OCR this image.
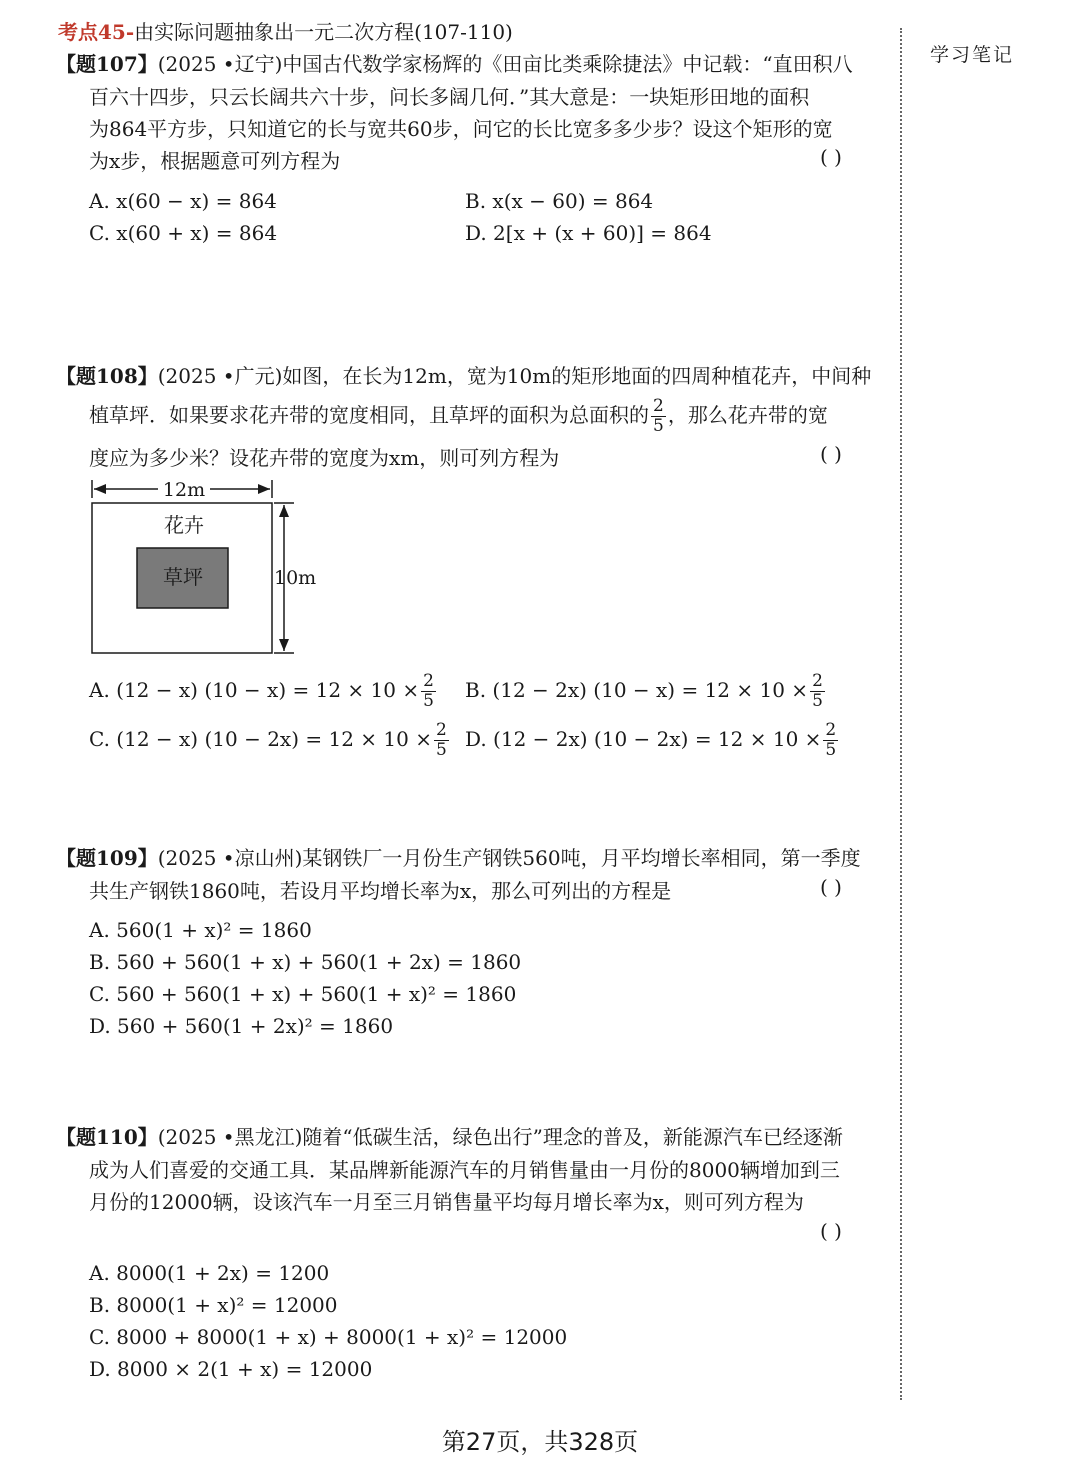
考点45-由实际问题抽象出一元二次方程(107-110)
学习笔记
【题107】(2025 •辽宁)中国古代数学家杨辉的《田亩比类乘除捷法》中记载：“直田积八
百六十四步，只云长阔共六十步，问长多阔几何．”其大意是：一块矩形田地的面积
为864平方步，只知道它的长与宽共60步，问它的长比宽多多少步？设这个矩形的宽
为x步，根据题意可列方程为	( )
A. x(60 − x) = 864	B. x(x − 60) = 864
C. x(60 + x) = 864	D. 2[x + (x + 60)] = 864
【题108】(2025 •广元)如图，在长为12m，宽为10m的矩形地面的四周种植花卉，中间种
植草坪．如果要求花卉带的宽度相同，且草坪的面积为总面积的 $\frac{2}{5}$ ，那么花卉带的宽
度应为多少米？设花卉带的宽度为xm，则可列方程为	( )
12m
花卉
草坪	10m
A. (12 − x) $(10 - x) = 12 \times 10 \times \frac{2}{5} B$. (12 − 2x) $(10 - x) = 12 \times 10 \times \frac{2}{5}$
C. (12 − x) $(10 - 2x) = 12 \times 10 \times \frac{2}{5} D$. (12 − 2x) $(10 - 2x) = 12 \times 10 \times \frac{2}{5}$
【题109】(2025 •凉山州)某钢铁厂一月份生产钢铁560吨，月平均增长率相同，第一季度
共生产钢铁1860吨，若设月平均增长率为x，那么可列出的方程是	( )
A. 560(1 + x)² = 1860
B. 560 + 560(1 + x) + 560(1 + 2x) = 1860
C. 560 + 560(1 + x) + 560(1 + x)² = 1860
D. 560 + 560(1 + 2x)² = 1860
【题110】(2025 •黑龙江)随着“低碳生活，绿色出行”理念的普及，新能源汽车已经逐渐
成为人们喜爱的交通工具．某品牌新能源汽车的月销售量由一月份的8000辆增加到三
月份的12000辆，设该汽车一月至三月销售量平均每月增长率为x，则可列方程为
( )
A. 8000(1 + 2x) = 1200
B. 8000(1 + x)² = 12000
C. 8000 + 8000(1 + x) + 8000(1 + x)² = 12000
D. 8000 × 2(1 + x) = 12000
第27页，共328页
